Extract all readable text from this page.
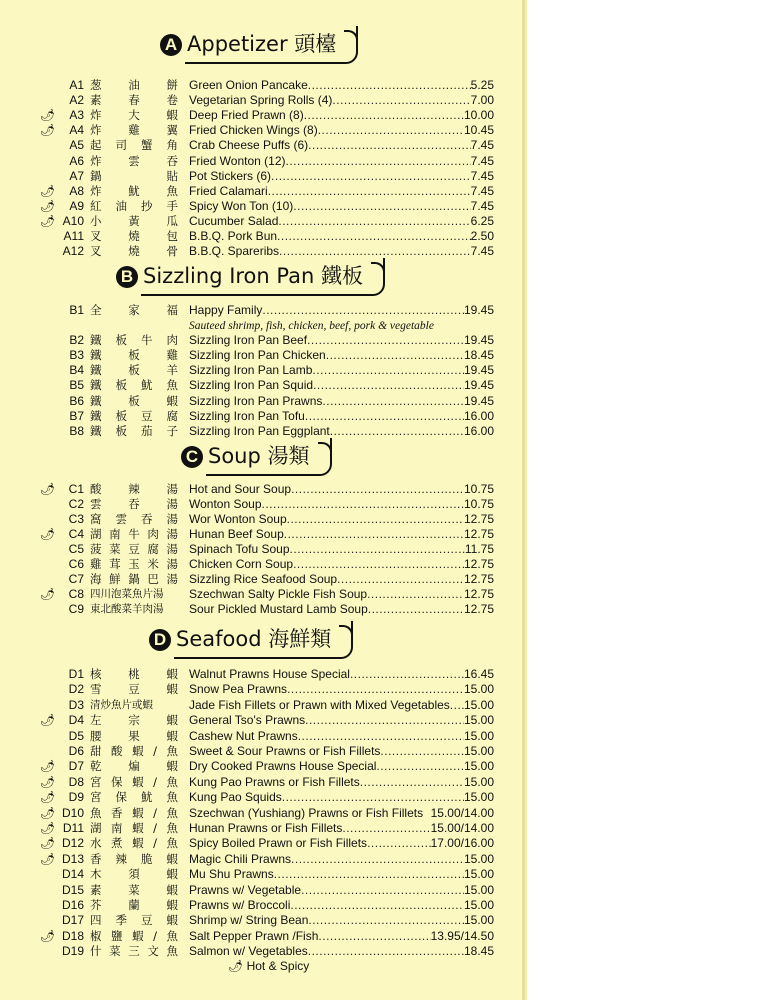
A Appetizer 頭檯
A1 葱 油 餅 Green Onion Pancake .....	5.25
A2 素 春 卷 Vegetarian Spring Rolls (4) .....	7.00
🌶	A3 炸 大 蝦 Deep Fried Prawn (8) .....	10.00
🌶	A4 炸 雞 翼 Fried Chicken Wings (8) .....	10.45
A5 起 司 蟹 角 Crab Cheese Puffs (6) .....	7.45
A6 炸 雲 吞 Fried Wonton (12) .....	7.45
A7 鍋	貼 Pot Stickers (6) .....	7.45
🌶	A8 炸 魷 魚 Fried Calamari .....	7.45
🌶	A9 紅 油 抄 手 Spicy Won Ton (10) .....	7.45
🌶 A10 小 黃 瓜 Cucumber Salad .....	6.25
A11 叉 燒 包 B.B.Q. Pork Bun .....	2.50
A12 叉 燒 骨 B.B.Q. Spareribs .....	7.45
B Sizzling Iron Pan 鐵板
B1 全 家 福 Happy Family .....	19.45
Sauteed shrimp, fish, chicken, beef, pork & vegetable
B2 鐵 板 牛 肉 Sizzling Iron Pan Beef .....	19.45
B3 鐵 板 雞 Sizzling Iron Pan Chicken .....	18.45
B4 鐵 板 羊 Sizzling Iron Pan Lamb .....	19.45
B5 鐵 板 魷 魚 Sizzling Iron Pan Squid .....	19.45
B6 鐵 板 蝦 Sizzling Iron Pan Prawns .....	19.45
B7 鐵 板 豆 腐 Sizzling Iron Pan Tofu .....	16.00
B8 鐵 板 茄 子 Sizzling Iron Pan Eggplant .....	16.00
C Soup 湯類
🌶	C1 酸 辣 湯 Hot and Sour Soup .....	10.75
C2 雲 吞 湯 Wonton Soup .....	10.75
C3 窩 雲 吞 湯 Wor Wonton Soup .....	12.75
🌶	C4 湖 南 牛 肉 湯 Hunan Beef Soup .....	12.75
C5 菠 菜 豆 腐 湯 Spinach Tofu Soup .....	11.75
C6 雞 茸 玉 米 湯 Chicken Corn Soup .....	12.75
C7 海 鮮 鍋 巴 湯 Sizzling Rice Seafood Soup .....	12.75
🌶	C8 四川泡菜魚片湯	Szechwan Salty Pickle Fish Soup .....	12.75
C9 東北酸菜羊肉湯	Sour Pickled Mustard Lamb Soup .....	12.75
D Seafood 海鮮類
D1 核 桃 蝦 Walnut Prawns House Special .....	16.45
D2 雪 豆 蝦 Snow Pea Prawns .....	15.00
D3 清炒魚片或蝦	Jade Fish Fillets or Prawn with Mixed Vegetables ..... 15.00
🌶	D4 左 宗 蝦 General Tso's Prawns .....	15.00
D5 腰 果 蝦 Cashew Nut Prawns .....	15.00
D6 甜 酸 蝦 / 魚 Sweet & Sour Prawns or Fish Fillets .....	15.00
🌶	D7 乾 煸 蝦 Dry Cooked Prawns House Special .....	15.00
🌶	D8 宮 保 蝦 / 魚 Kung Pao Prawns or Fish Fillets .....	15.00
🌶	D9 宮 保 魷 魚 Kung Pao Squids .....	15.00
🌶 D10 魚 香 蝦 / 魚 Szechwan (Yushiang) Prawns or Fish Fillets 15.00/14.00
🌶 D11 湖 南 蝦 / 魚 Hunan Prawns or Fish Fillets .....	15.00/14.00
🌶 D12 水 煮 蝦 / 魚 Spicy Boiled Prawn or Fish Fillets .....	17.00/16.00
🌶 D13 香 辣 脆 蝦 Magic Chili Prawns .....	15.00
D14 木 須 蝦 Mu Shu Prawns .....	15.00
D15 素 菜 蝦 Prawns w/ Vegetable .....	15.00
D16 芥 蘭 蝦 Prawns w/ Broccoli .....	15.00
D17 四 季 豆 蝦 Shrimp w/ String Bean .....	15.00
🌶 D18 椒 鹽 蝦 / 魚 Salt Pepper Prawn /Fish .....	13.95/14.50
D19 什 菜 三 文 魚 Salmon w/ Vegetables .....	18.45
🌶 Hot & Spicy
